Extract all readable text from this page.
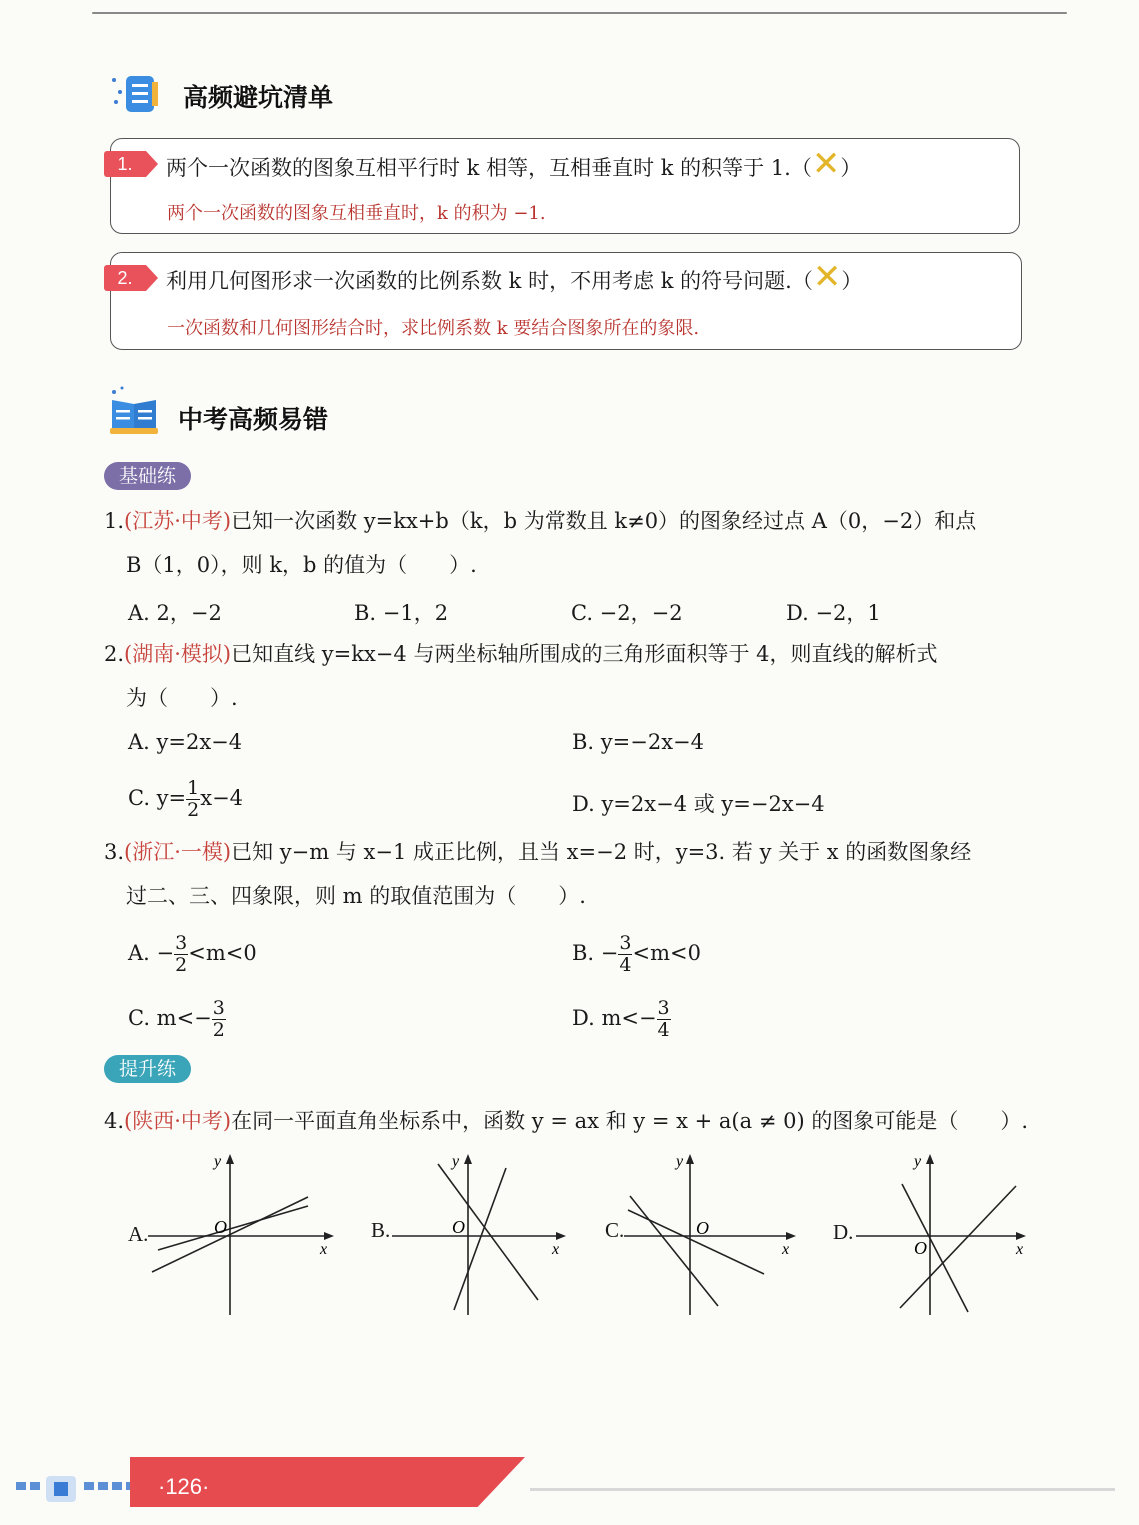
高频避坑清单
1.	两个一次函数的图象互相平行时 k 相等，互相垂直时 k 的积等于 1.（✕）
两个一次函数的图象互相垂直时，k 的积为 −1.
2.	利用几何图形求一次函数的比例系数 k 时，不用考虑 k 的符号问题.（✕）
一次函数和几何图形结合时，求比例系数 k 要结合图象所在的象限.
中考高频易错
基础练
1.(江苏·中考)已知一次函数 y=kx+b（k，b 为常数且 k≠0）的图象经过点 A（0，−2）和点
B（1，0），则 k，b 的值为（　　）.
A. 2，−2	B. −1，2	C. −2，−2	D. −2，1
2.(湖南·模拟)已知直线 y=kx−4 与两坐标轴所围成的三角形面积等于 4，则直线的解析式
为（　　）.
A. y=2x−4	B. y=−2x−4
C. $y= \frac{1}{2} x-4$	D. y=2x−4 或 y=−2x−4
3.(浙江·一模)已知 y−m 与 x−1 成正比例，且当 x=−2 时，y=3. 若 y 关于 x 的函数图象经
过二、三、四象限，则 m 的取值范围为（　　）.
A. − $\frac{3}{2} <m<0$	B. − $\frac{3}{4} <m<0$
C. $m<- \frac{3}{2}$	D. $m<- \frac{3}{4}$
提升练
4.(陕西·中考)在同一平面直角坐标系中，函数 y = ax 和 y = x + a(a ≠ 0) 的图象可能是（　　）.
A.	O
x
y
B.	O
x
y
C.	O
x
y
D.
O	x
y
·126·
